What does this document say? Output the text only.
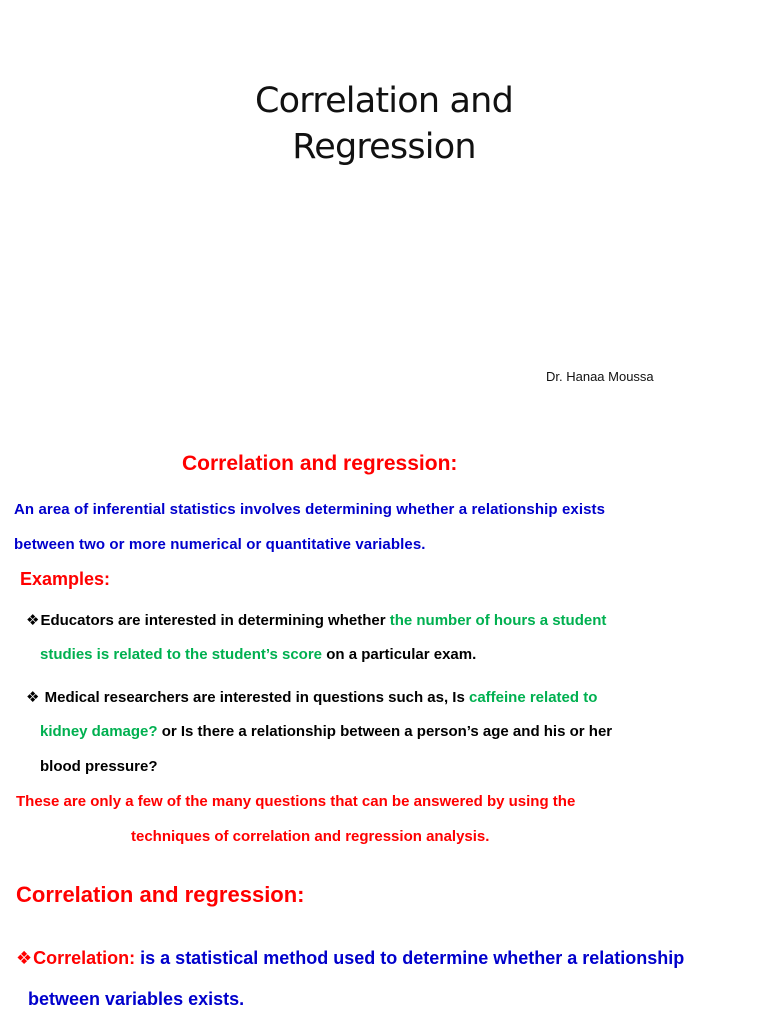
Correlation and
Regression
Dr. Hanaa Moussa
Correlation and regression:
An area of inferential statistics involves determining whether a relationship exists
between two or more numerical or quantitative variables.
Examples:
❖Educators are interested in determining whether the number of hours a student
studies is related to the student’s score on a particular exam.
❖ Medical researchers are interested in questions such as, Is caffeine related to
kidney damage? or Is there a relationship between a person’s age and his or her
blood pressure?
These are only a few of the many questions that can be answered by using the
techniques of correlation and regression analysis.
Correlation and regression:
❖Correlation: is a statistical method used to determine whether a relationship
between variables exists.
